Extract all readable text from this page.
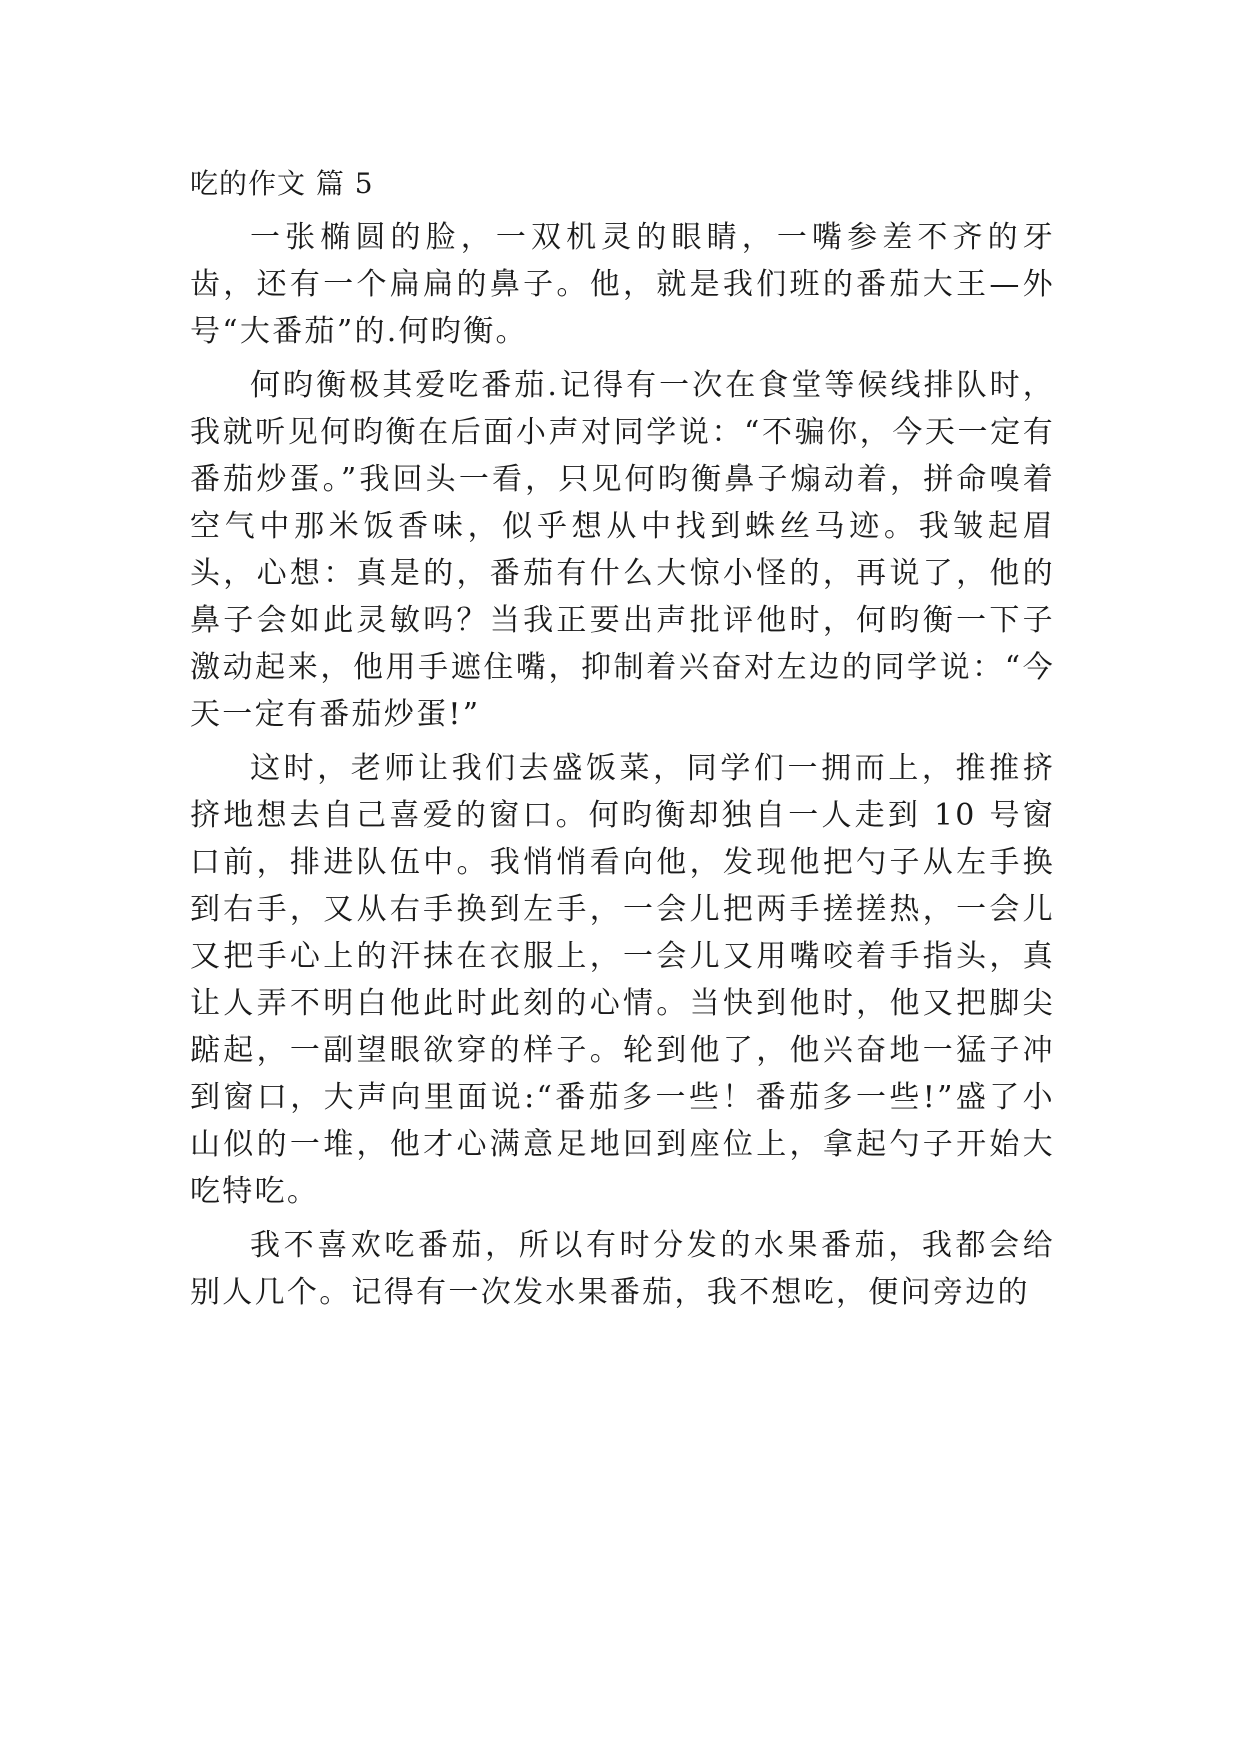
吃的作文 篇 5

一张椭圆的脸，一双机灵的眼睛，一嘴参差不齐的牙齿，还有一个扁扁的鼻子。他，就是我们班的番茄大王—外号“大番茄”的.何昀衡。

何昀衡极其爱吃番茄.记得有一次在食堂等候线排队时，我就听见何昀衡在后面小声对同学说：“不骗你，今天一定有番茄炒蛋。”我回头一看，只见何昀衡鼻子煽动着，拼命嗅着空气中那米饭香味，似乎想从中找到蛛丝马迹。我皱起眉头，心想：真是的，番茄有什么大惊小怪的，再说了，他的鼻子会如此灵敏吗？当我正要出声批评他时，何昀衡一下子激动起来，他用手遮住嘴，抑制着兴奋对左边的同学说：“今天一定有番茄炒蛋!”

这时，老师让我们去盛饭菜，同学们一拥而上，推推挤挤地想去自己喜爱的窗口。何昀衡却独自一人走到 10 号窗口前，排进队伍中。我悄悄看向他，发现他把勺子从左手换到右手，又从右手换到左手，一会儿把两手搓搓热，一会儿又把手心上的汗抹在衣服上，一会儿又用嘴咬着手指头，真让人弄不明白他此时此刻的心情。当快到他时，他又把脚尖踮起，一副望眼欲穿的样子。轮到他了，他兴奋地一猛子冲到窗口，大声向里面说:“番茄多一些！番茄多一些!”盛了小山似的一堆，他才心满意足地回到座位上，拿起勺子开始大吃特吃。

我不喜欢吃番茄，所以有时分发的水果番茄，我都会给别人几个。记得有一次发水果番茄，我不想吃，便问旁边的
